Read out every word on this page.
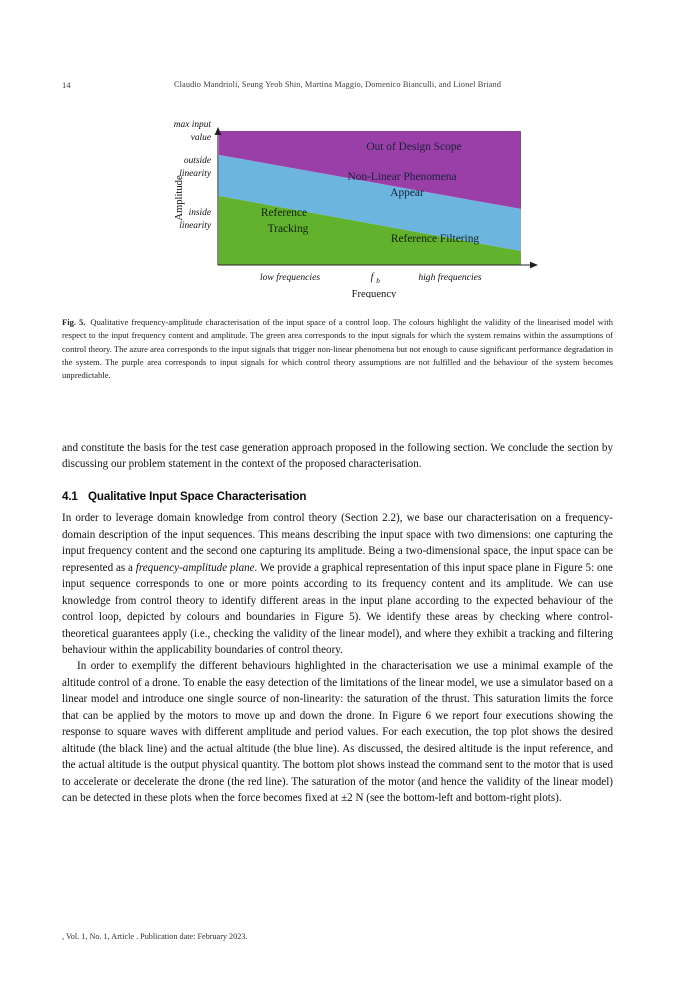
14	Claudio Mandrioli, Seung Yeob Shin, Martina Maggio, Domenico Bianculli, and Lionel Briand
Out of Design Scope
Non-Linear Phenomena
Appear
Reference
Tracking
Reference Filtering
max input
value
outside
linearity
inside
linearity
Amplitude
low frequencies	f b	high frequencies
Frequency
Fig. 5. Qualitative frequency-amplitude characterisation of the input space of a control loop. The colours highlight the validity of the linearised model with respect to the input frequency content and amplitude. The green area corresponds to the input signals for which the system remains within the assumptions of control theory. The azure area corresponds to the input signals that trigger non-linear phenomena but not enough to cause significant performance degradation in the system. The purple area corresponds to input signals for which control theory assumptions are not fulfilled and the behaviour of the system becomes unpredictable.

and constitute the basis for the test case generation approach proposed in the following section. We conclude the section by discussing our problem statement in the context of the proposed characterisation.

4.1 Qualitative Input Space Characterisation

In order to leverage domain knowledge from control theory (Section 2.2), we base our characterisation on a frequency-domain description of the input sequences. This means describing the input space with two dimensions: one capturing the input frequency content and the second one capturing its amplitude. Being a two-dimensional space, the input space can be represented as a frequency-amplitude plane. We provide a graphical representation of this input space plane in Figure 5: one input sequence corresponds to one or more points according to its frequency content and its amplitude. We can use knowledge from control theory to identify different areas in the input plane according to the expected behaviour of the control loop, depicted by colours and boundaries in Figure 5). We identify these areas by checking where control-theoretical guarantees apply (i.e., checking the validity of the linear model), and where they exhibit a tracking and filtering behaviour within the applicability boundaries of control theory.

In order to exemplify the different behaviours highlighted in the characterisation we use a minimal example of the altitude control of a drone. To enable the easy detection of the limitations of the linear model, we use a simulator based on a linear model and introduce one single source of non-linearity: the saturation of the thrust. This saturation limits the force that can be applied by the motors to move up and down the drone. In Figure 6 we report four executions showing the response to square waves with different amplitude and period values. For each execution, the top plot shows the desired altitude (the black line) and the actual altitude (the blue line). As discussed, the desired altitude is the input reference, and the actual altitude is the output physical quantity. The bottom plot shows instead the command sent to the motor that is used to accelerate or decelerate the drone (the red line). The saturation of the motor (and hence the validity of the linear model) can be detected in these plots when the force becomes fixed at ±2 N (see the bottom-left and bottom-right plots).

, Vol. 1, No. 1, Article . Publication date: February 2023.
